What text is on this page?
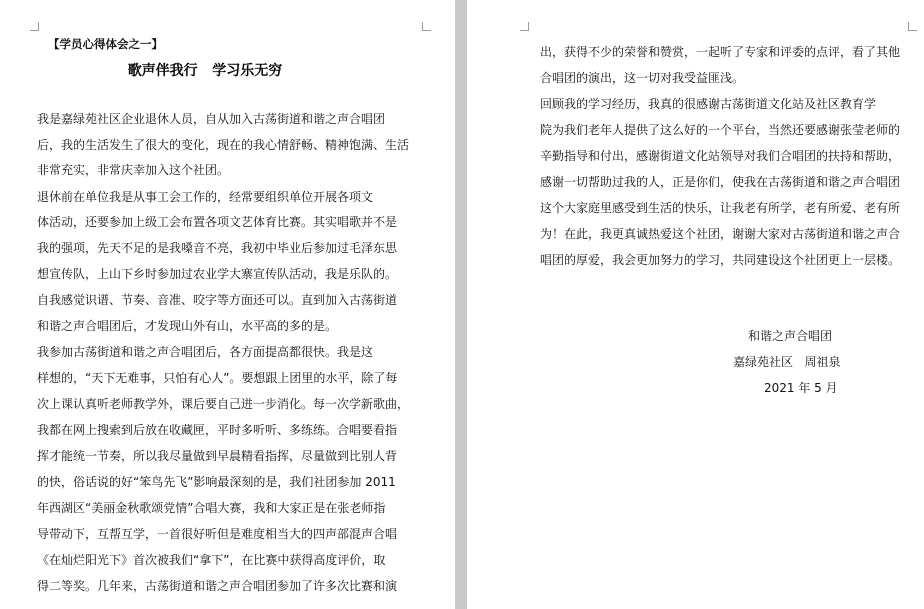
【学员心得体会之一】
歌声伴我行   学习乐无穷
我是嘉绿苑社区企业退休人员，自从加入古荡街道和谐之声合唱团
后，我的生活发生了很大的变化，现在的我心情舒畅、精神饱满、生活
非常充实，非常庆幸加入这个社团。
退休前在单位我是从事工会工作的，经常要组织单位开展各项文
体活动，还要参加上级工会布置各项文艺体育比赛。其实唱歌并不是
我的强项，先天不足的是我嗓音不亮，我初中毕业后参加过毛泽东思
想宣传队，上山下乡时参加过农业学大寨宣传队活动，我是乐队的。
自我感觉识谱、节奏、音准、咬字等方面还可以。直到加入古荡街道
和谐之声合唱团后，才发现山外有山，水平高的多的是。
我参加古荡街道和谐之声合唱团后，各方面提高都很快。我是这
样想的，“天下无难事，只怕有心人”。要想跟上团里的水平，除了每
次上课认真听老师教学外，课后要自己进一步消化。每一次学新歌曲，
我都在网上搜索到后放在收藏匣，平时多听听、多练练。合唱要看指
挥才能统一节奏，所以我尽量做到早晨精看指挥，尽量做到比别人背
的快，俗话说的好“笨鸟先飞”影响最深刻的是，我们社团参加 2011
年西湖区“美丽金秋歌颂党情”合唱大赛，我和大家正是在张老师指
导带动下，互帮互学，一首很好听但是难度相当大的四声部混声合唱
《在灿烂阳光下》首次被我们“拿下”，在比赛中获得高度评价，取
得二等奖。几年来，古荡街道和谐之声合唱团参加了许多次比赛和演
出，获得不少的荣誉和赞赏，一起听了专家和评委的点评，看了其他
合唱团的演出，这一切对我受益匪浅。
回顾我的学习经历，我真的很感谢古荡街道文化站及社区教育学
院为我们老年人提供了这么好的一个平台，当然还要感谢张莹老师的
辛勤指导和付出，感谢街道文化站领导对我们合唱团的扶持和帮助，
感谢一切帮助过我的人，正是你们，使我在古荡街道和谐之声合唱团
这个大家庭里感受到生活的快乐，让我老有所学，老有所爱、老有所
为！在此，我更真诚热爱这个社团，谢谢大家对古荡街道和谐之声合
唱团的厚爱，我会更加努力的学习，共同建设这个社团更上一层楼。
和谐之声合唱团
嘉绿苑社区   周祖泉
2021 年 5 月
